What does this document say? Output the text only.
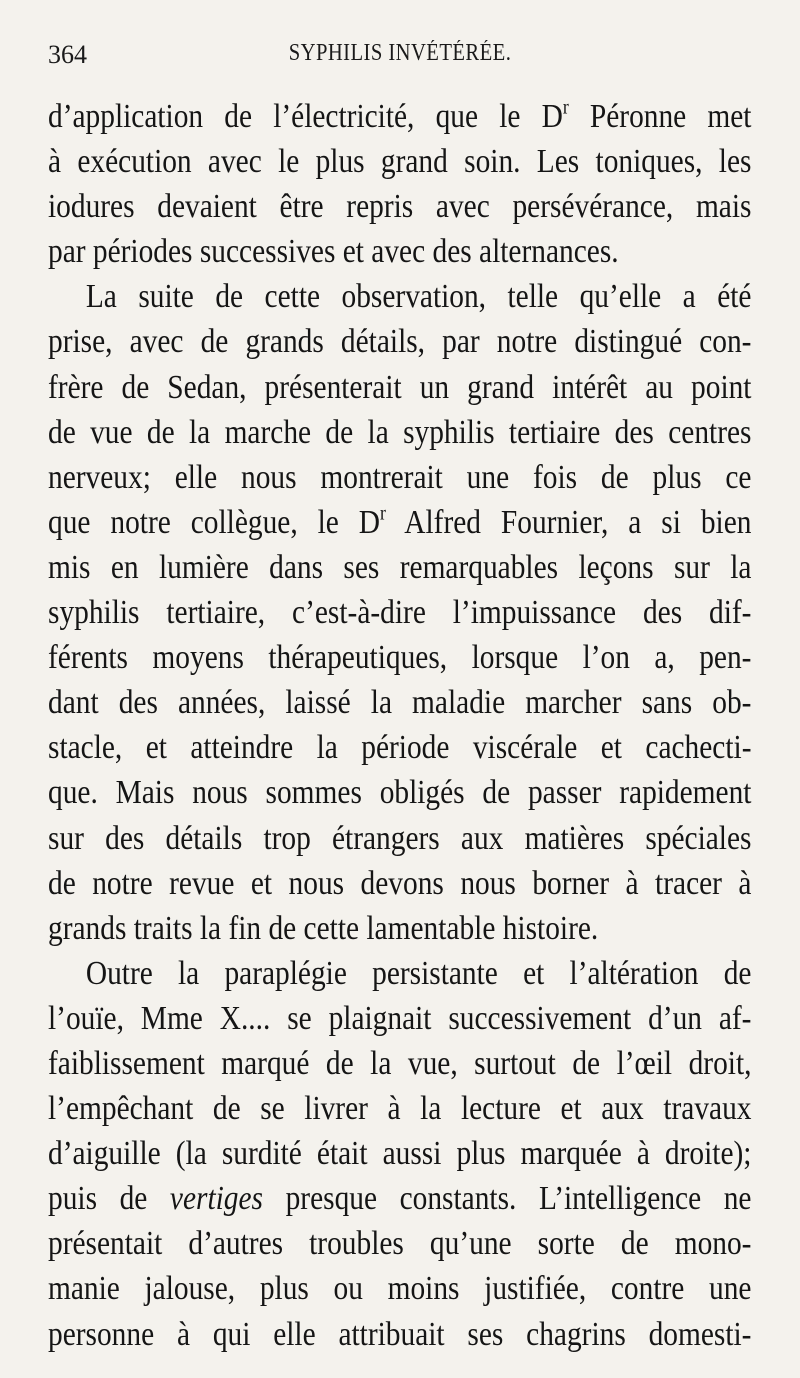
364	SYPHILIS INVÉTÉRÉE.
d’application de l’électricité, que le $D^r$ Péronne met
à exécution avec le plus grand soin. Les toniques, les
iodures devaient être repris avec persévérance, mais
par périodes successives et avec des alternances.
La suite de cette observation, telle qu’elle a été
prise, avec de grands détails, par notre distingué con-
frère de Sedan, présenterait un grand intérêt au point
de vue de la marche de la syphilis tertiaire des centres
nerveux; elle nous montrerait une fois de plus ce
que notre collègue, le $D^r$ Alfred Fournier, a si bien
mis en lumière dans ses remarquables leçons sur la
syphilis tertiaire, c’est-à-dire l’impuissance des dif-
férents moyens thérapeutiques, lorsque l’on a, pen-
dant des années, laissé la maladie marcher sans ob-
stacle, et atteindre la période viscérale et cachecti-
que. Mais nous sommes obligés de passer rapidement
sur des détails trop étrangers aux matières spéciales
de notre revue et nous devons nous borner à tracer à
grands traits la fin de cette lamentable histoire.
Outre la paraplégie persistante et l’altération de
l’ouïe, Mme X.... se plaignait successivement d’un af-
faiblissement marqué de la vue, surtout de l’œil droit,
l’empêchant de se livrer à la lecture et aux travaux
d’aiguille (la surdité était aussi plus marquée à droite);
puis de vertiges presque constants. L’intelligence ne
présentait d’autres troubles qu’une sorte de mono-
manie jalouse, plus ou moins justifiée, contre une
personne à qui elle attribuait ses chagrins domesti-
